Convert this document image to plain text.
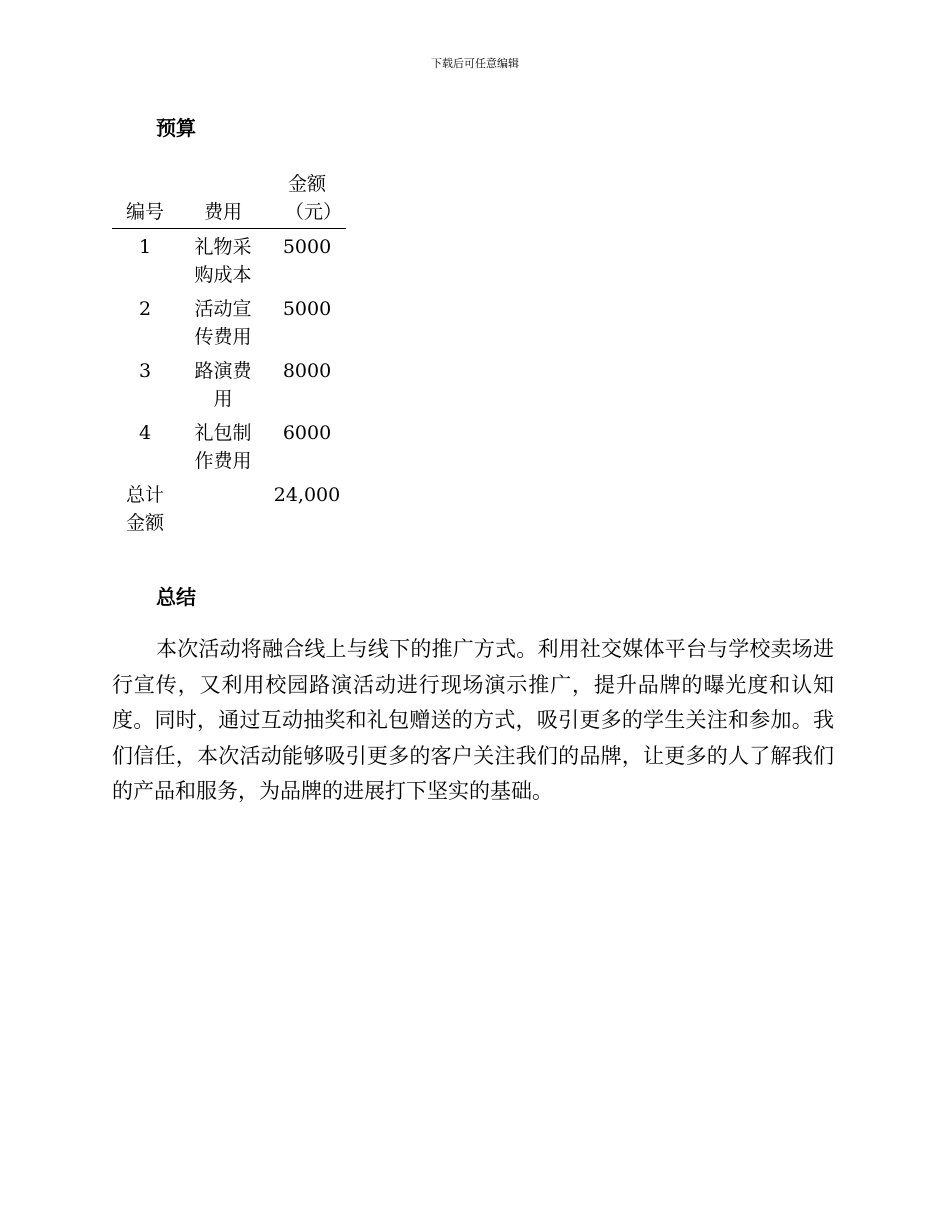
下载后可任意编辑
预算
编号	费用	金额（元）
1	礼物采购成本	5000
2	活动宣传费用	5000
3	路演费用	8000
4	礼包制作费用	6000
总计金额		24,000
总结

本次活动将融合线上与线下的推广方式。利用社交媒体平台与学校卖场进行宣传，又利用校园路演活动进行现场演示推广，提升品牌的曝光度和认知度。同时，通过互动抽奖和礼包赠送的方式，吸引更多的学生关注和参加。我们信任，本次活动能够吸引更多的客户关注我们的品牌，让更多的人了解我们的产品和服务，为品牌的进展打下坚实的基础。
